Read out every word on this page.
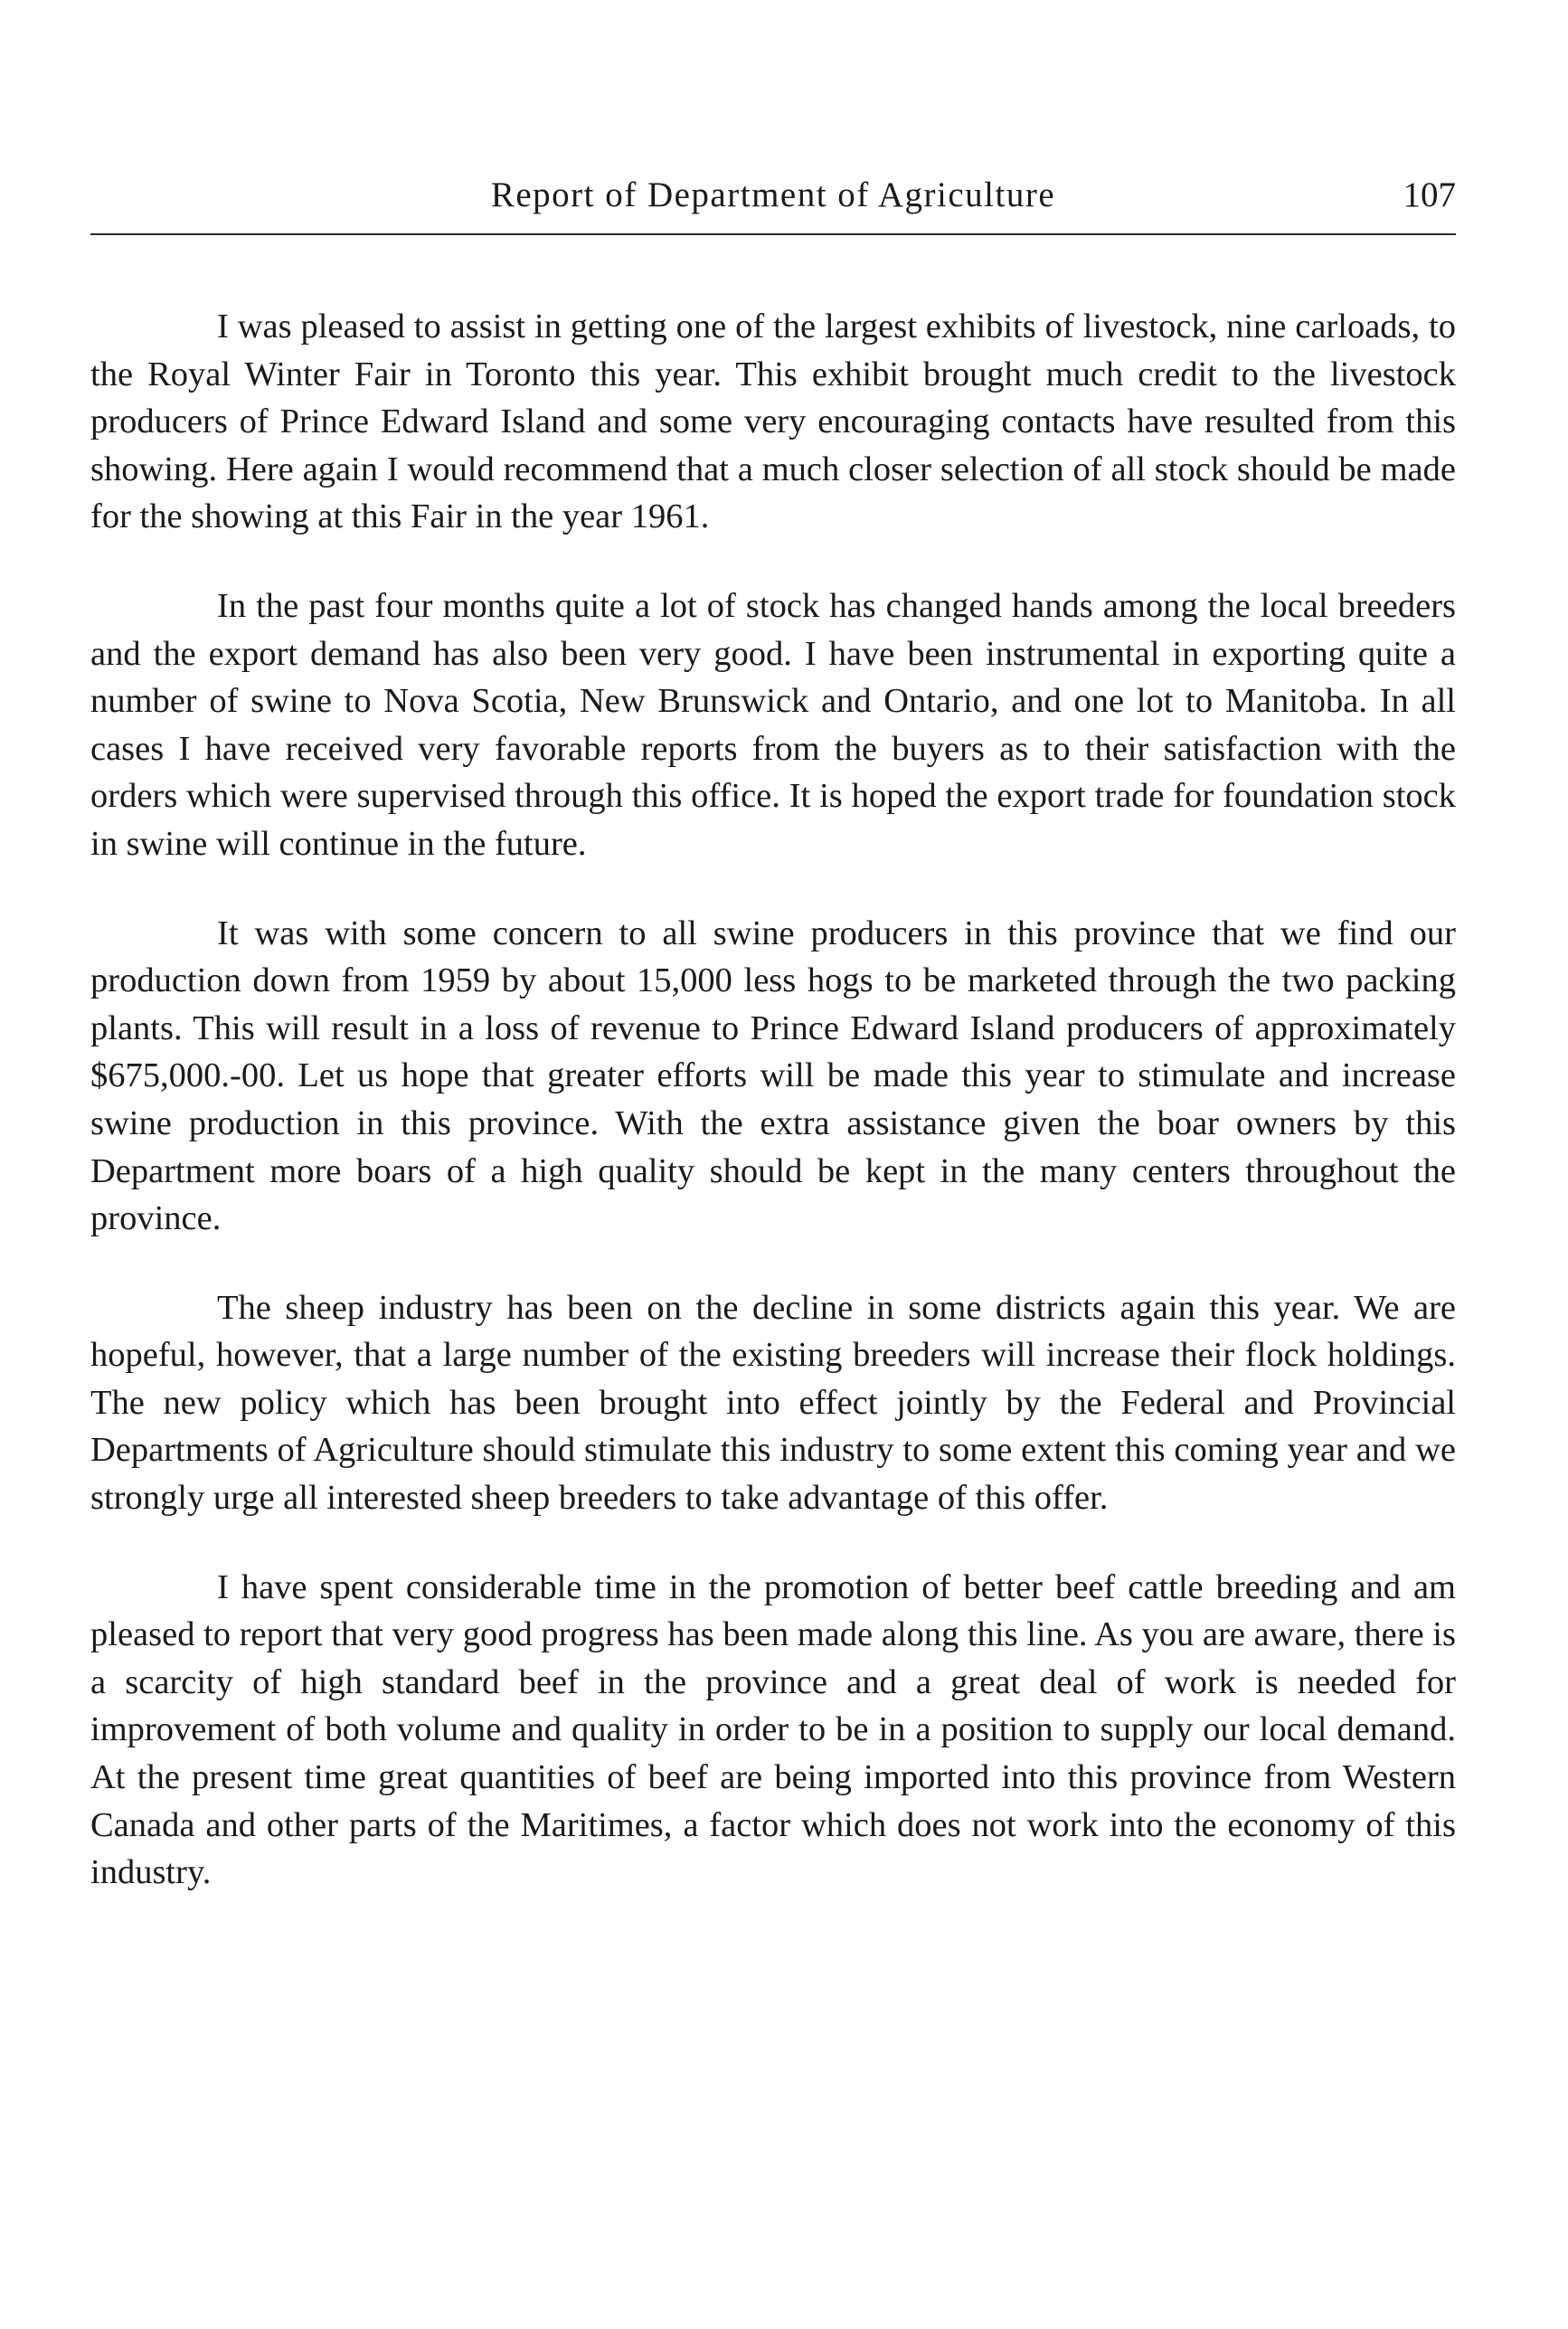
Report of Department of Agriculture	107

I was pleased to assist in getting one of the largest exhibits of livestock, nine carloads, to the Royal Winter Fair in Toronto this year. This exhibit brought much credit to the livestock producers of Prince Edward Island and some very encouraging contacts have resulted from this showing. Here again I would recommend that a much closer selection of all stock should be made for the showing at this Fair in the year 1961.

In the past four months quite a lot of stock has changed hands among the local breeders and the export demand has also been very good. I have been instrumental in exporting quite a number of swine to Nova Scotia, New Brunswick and Ontario, and one lot to Manitoba. In all cases I have received very favorable reports from the buyers as to their satisfaction with the orders which were supervised through this office. It is hoped the export trade for foundation stock in swine will continue in the future.

It was with some concern to all swine producers in this province that we find our production down from 1959 by about 15,000 less hogs to be marketed through the two packing plants. This will result in a loss of revenue to Prince Edward Island producers of approximately $675,000.-00. Let us hope that greater efforts will be made this year to stimulate and increase swine production in this province. With the extra assistance given the boar owners by this Department more boars of a high quality should be kept in the many centers throughout the province.

The sheep industry has been on the decline in some districts again this year. We are hopeful, however, that a large number of the existing breeders will increase their flock holdings. The new policy which has been brought into effect jointly by the Federal and Provincial Departments of Agriculture should stimulate this industry to some extent this coming year and we strongly urge all interested sheep breeders to take advantage of this offer.

I have spent considerable time in the promotion of better beef cattle breeding and am pleased to report that very good progress has been made along this line. As you are aware, there is a scarcity of high standard beef in the province and a great deal of work is needed for improvement of both volume and quality in order to be in a position to supply our local demand. At the present time great quantities of beef are being imported into this province from Western Canada and other parts of the Maritimes, a factor which does not work into the economy of this industry.
